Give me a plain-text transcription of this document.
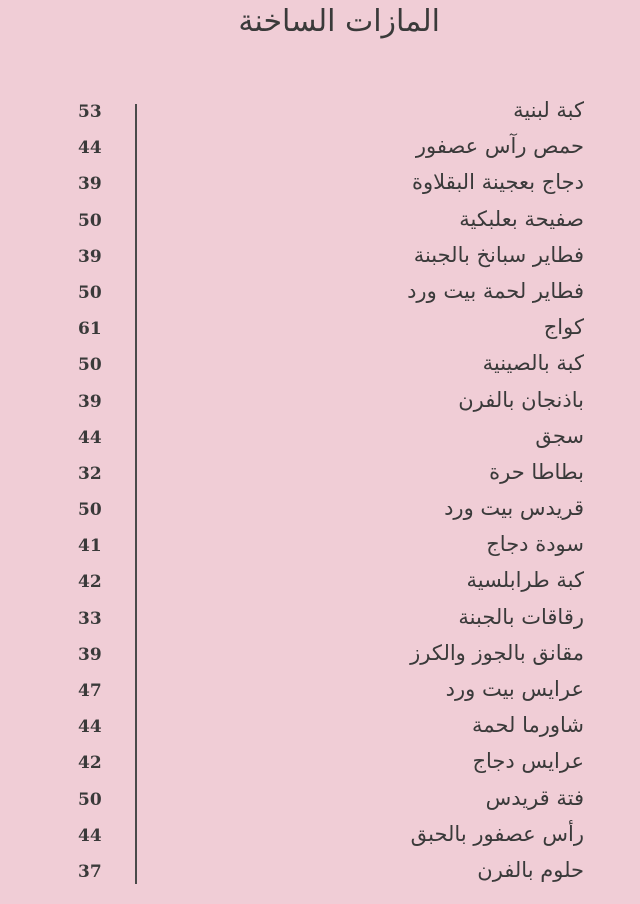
المازات الساخنة
53	كبة لبنية
44	حمص رآس عصفور
39	دجاج بعجينة البقلاوة
50	صفيحة بعلبكية
39	فطاير سبانخ بالجبنة
50	فطاير لحمة بيت ورد
61	كواج
50	كبة بالصينية
39	باذنجان بالفرن
44	سجق
32	بطاطا حرة
50	قريدس بيت ورد
41	سودة دجاج
42	كبة طرابلسية
33	رقاقات بالجبنة
39	مقانق بالجوز والكرز
47	عرايس بيت ورد
44	شاورما لحمة
42	عرايس دجاج
50	فتة قريدس
44	رأس عصفور بالحبق
37	حلوم بالفرن
